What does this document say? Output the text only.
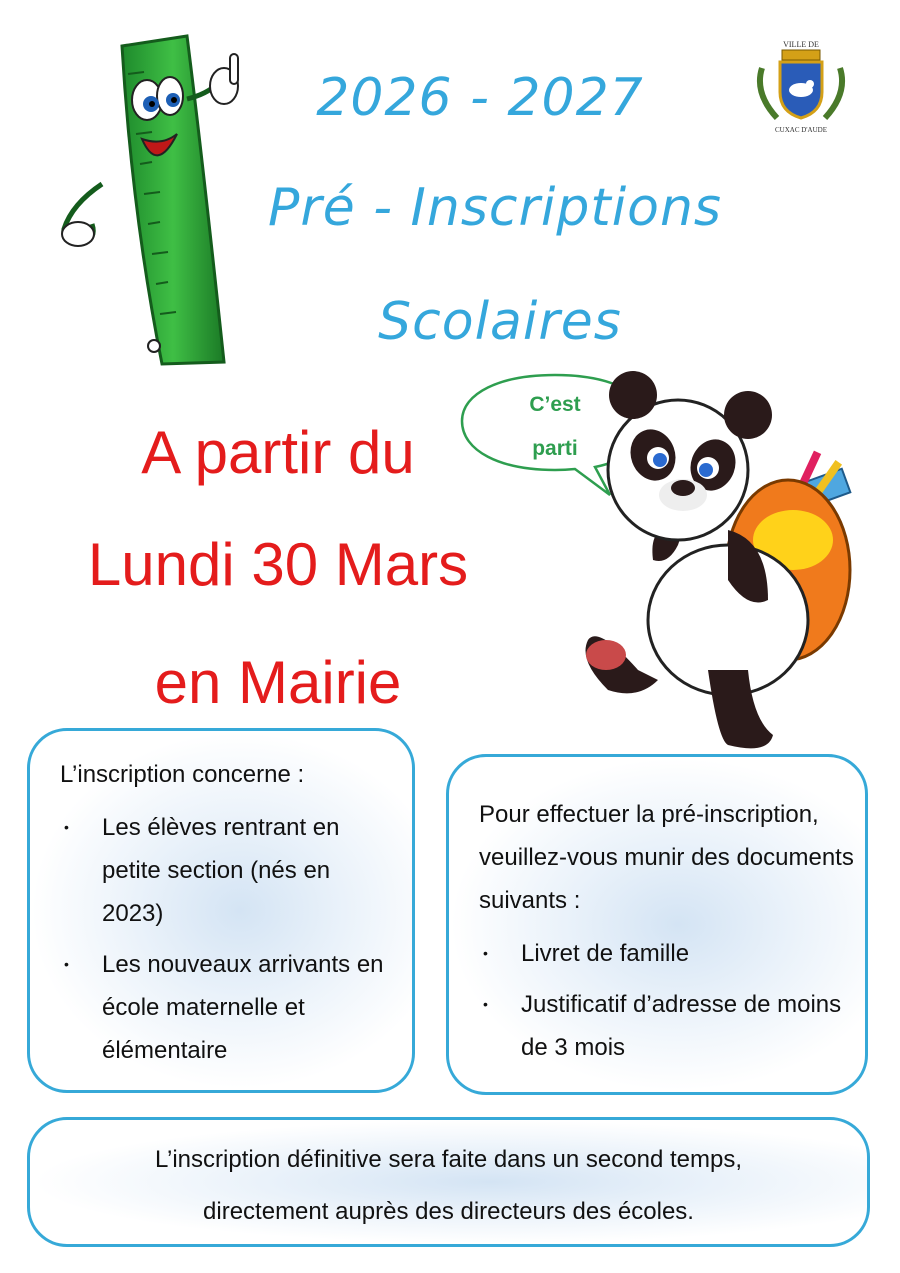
2026 - 2027
Pré - Inscriptions
Scolaires
VILLE DE
CUXAC D'AUDE
C’est
parti
A partir du
Lundi 30 Mars
en Mairie
L’inscription concerne :
• Les élèves rentrant en petite section (nés en 2023)
• Les nouveaux arrivants en école maternelle et élémentaire
Pour effectuer la pré-inscription, veuillez-vous munir des documents suivants :
• Livret de famille
• Justificatif d’adresse de moins de 3 mois
L’inscription définitive sera faite dans un second temps,
directement auprès des directeurs des écoles.
